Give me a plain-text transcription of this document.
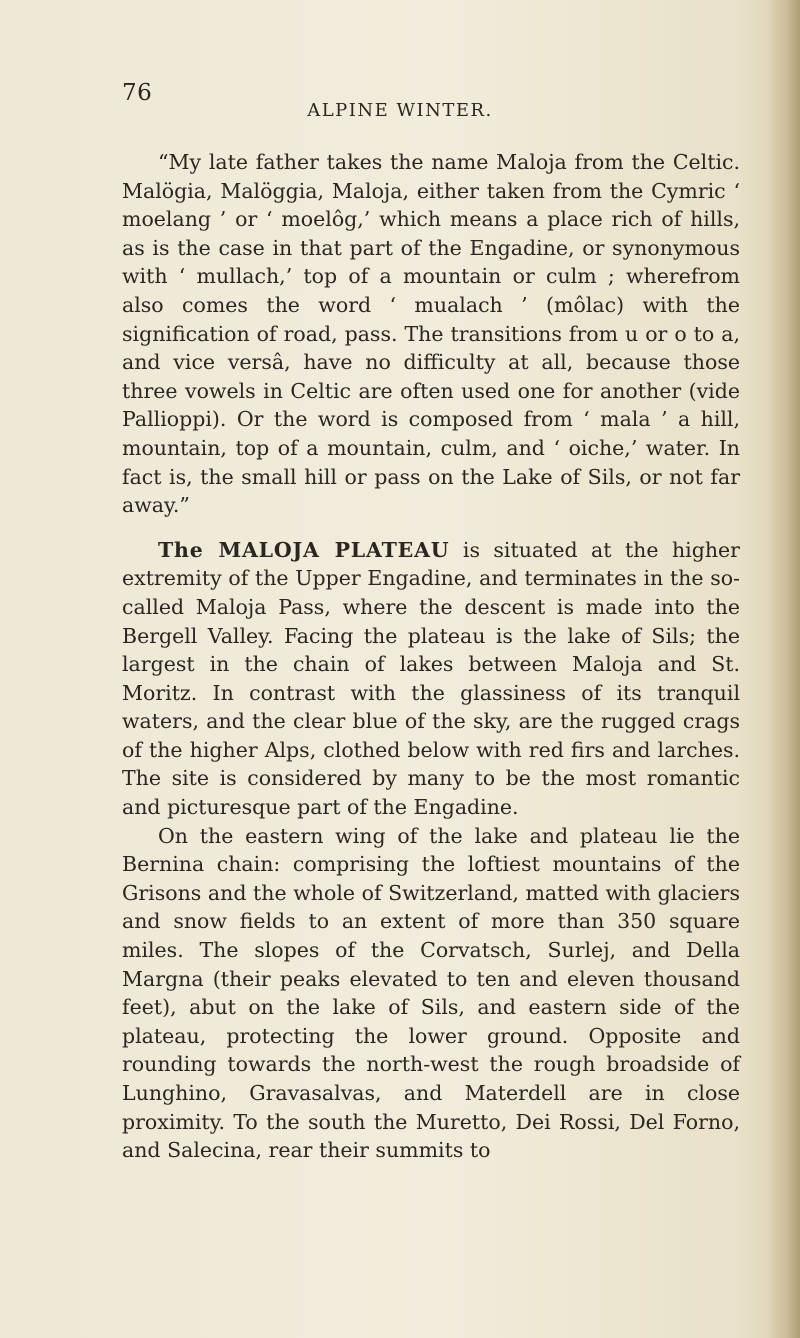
76

ALPINE WINTER.

“My late father takes the name Maloja from the Celtic. Malögia, Malöggia, Maloja, either taken from the Cymric ‘ moelang ’ or ‘ moelôg,’ which means a place rich of hills, as is the case in that part of the Engadine, or synonymous with ‘ mullach,’ top of a mountain or culm ; wherefrom also comes the word ‘ mualach ’ (môlac) with the signification of road, pass. The transitions from u or o to a, and vice versâ, have no difficulty at all, because those three vowels in Celtic are often used one for another (vide Pallioppi). Or the word is composed from ‘ mala ’ a hill, mountain, top of a mountain, culm, and ‘ oiche,’ water. In fact is, the small hill or pass on the Lake of Sils, or not far away.”

The MALOJA PLATEAU is situated at the higher extremity of the Upper Engadine, and terminates in the so-called Maloja Pass, where the descent is made into the Bergell Valley. Facing the plateau is the lake of Sils; the largest in the chain of lakes between Maloja and St. Moritz. In contrast with the glassiness of its tranquil waters, and the clear blue of the sky, are the rugged crags of the higher Alps, clothed below with red firs and larches. The site is considered by many to be the most romantic and picturesque part of the Engadine.

On the eastern wing of the lake and plateau lie the Bernina chain: comprising the loftiest mountains of the Grisons and the whole of Switzerland, matted with glaciers and snow fields to an extent of more than 350 square miles. The slopes of the Corvatsch, Surlej, and Della Margna (their peaks elevated to ten and eleven thousand feet), abut on the lake of Sils, and eastern side of the plateau, protecting the lower ground. Opposite and rounding towards the north-west the rough broadside of Lunghino, Gravasalvas, and Materdell are in close proximity. To the south the Muretto, Dei Rossi, Del Forno, and Salecina, rear their summits to
